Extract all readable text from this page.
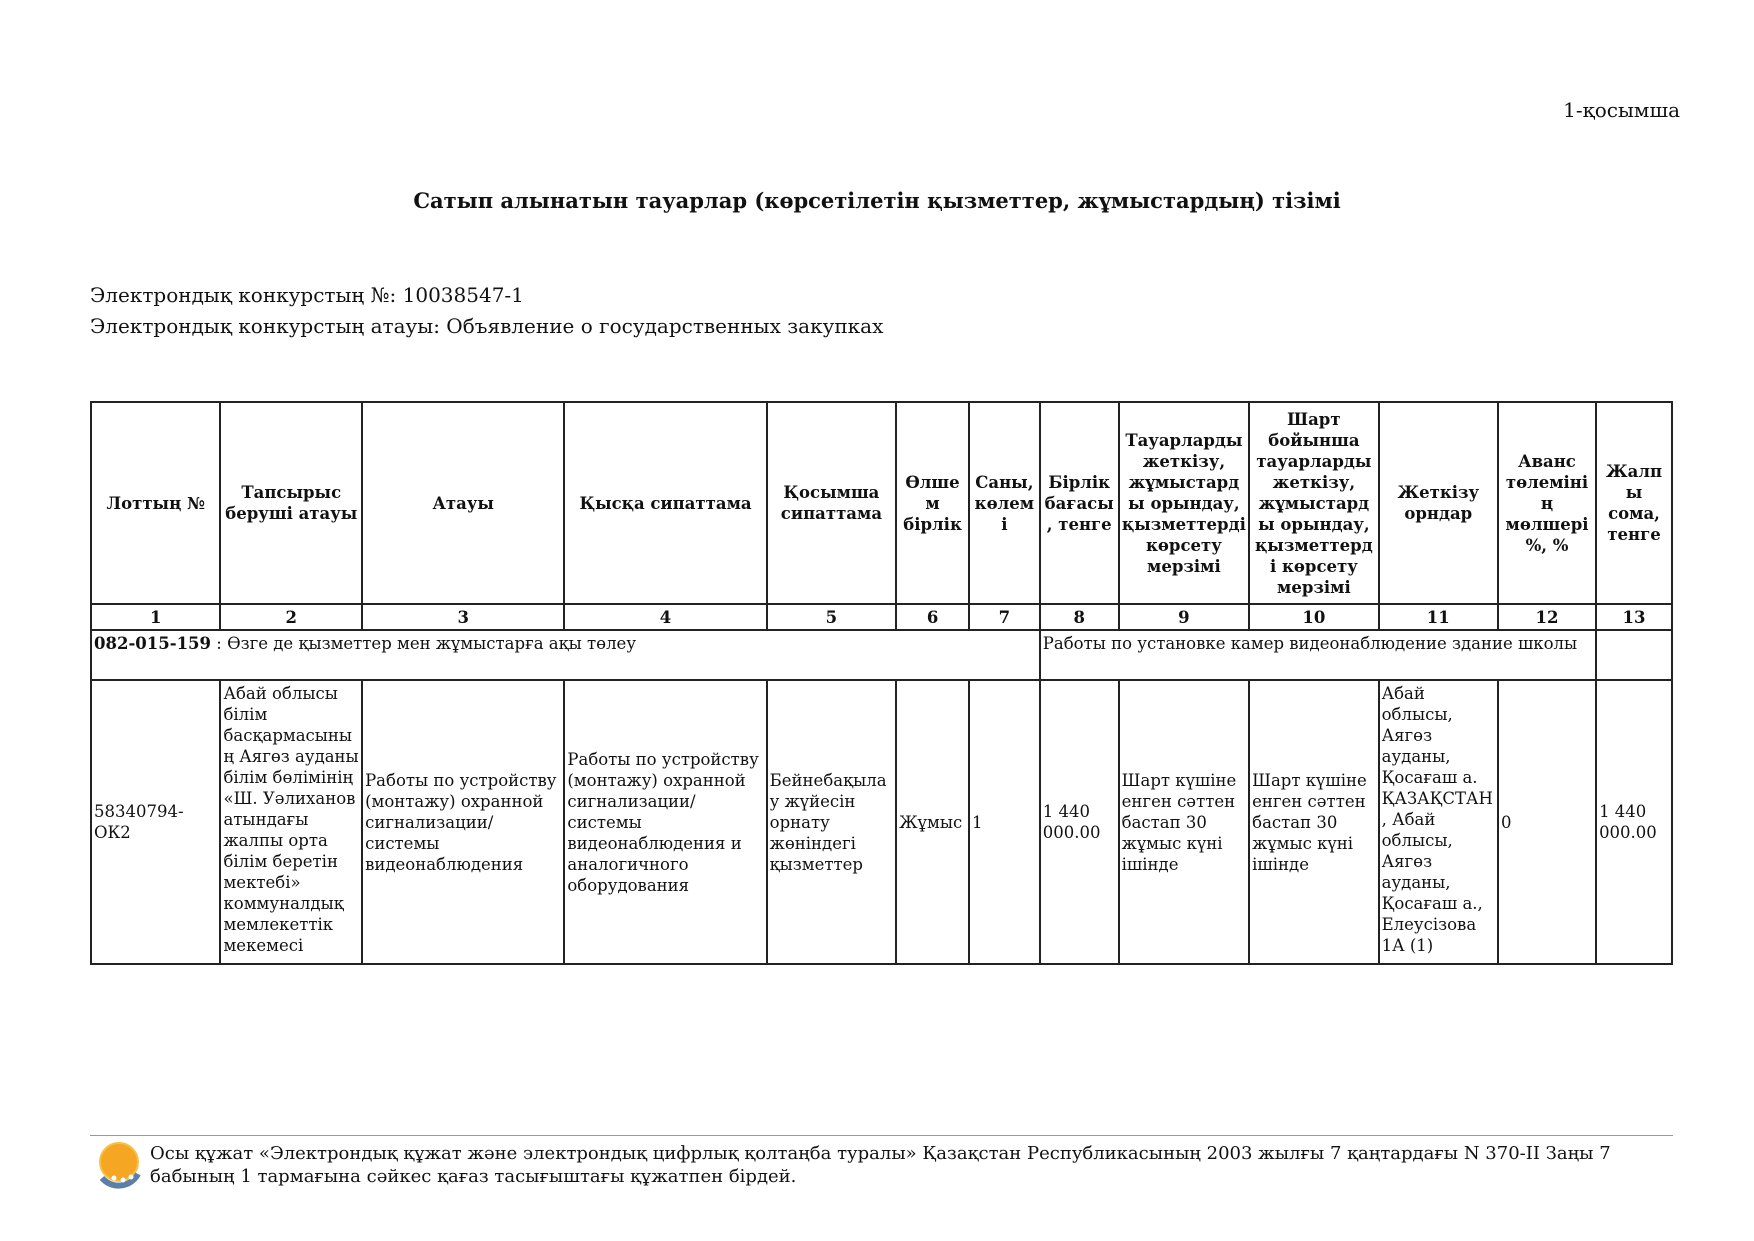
1-қосымша
Сатып алынатын тауарлар (көрсетілетін қызметтер, жұмыстардың) тізімі
Электрондық конкурстың №: 10038547-1
Электрондық конкурстың атауы: Объявление о государственных закупках
Лоттың №	Тапсырыс беруші атауы	Атауы	Қысқа сипаттама	Қосымша сипаттама	Өлшем бірлік	Саны, көлемі	Бірлік бағасы, тенге	Тауарларды жеткізу, жұмыстарды орындау, қызметтерді көрсету мерзімі	Шарт бойынша тауарларды жеткізу, жұмыстарды орындау, қызметтерді көрсету мерзімі	Жеткізу орндар	Аванс төлемінің мөлшері %, %	Жалпы сома, тенге
1	2	3	4	5	6	7	8	9	10	11	12	13
082-015-159 : Өзге де қызметтер мен жұмыстарға ақы төлеу							Работы по установке камер видеонаблюдение здание школы					
58340794-ОК2	Абай облысы білім басқармасының Аягөз ауданы білім бөлімінің «Ш. Уәлиханов атындағы жалпы орта білім беретін мектебі» коммуналдық мемлекеттік мекемесі	Работы по устройству (монтажу) охранной сигнализации/системы видеонаблюдения	Работы по устройству (монтажу) охранной сигнализации/системы видеонаблюдения и аналогичного оборудования	Бейнебақылау жүйесін орнату жөніндегі қызметтер	Жұмыс	1	1 440 000.00	Шарт күшіне енген сәттен бастап 30 жұмыс күні ішінде	Шарт күшіне енген сәттен бастап 30 жұмыс күні ішінде	Абай облысы, Аягөз ауданы, Қосағаш а. ҚАЗАҚСТАН, Абай облысы, Аягөз ауданы, Қосағаш а., Елеусізова 1А (1)	0	1 440 000.00
Осы құжат «Электрондық құжат және электрондық цифрлық қолтаңба туралы» Қазақстан Республикасының 2003 жылғы 7 қаңтардағы N 370-II Заңы 7 бабының 1 тармағына сәйкес қағаз тасығыштағы құжатпен бірдей.
